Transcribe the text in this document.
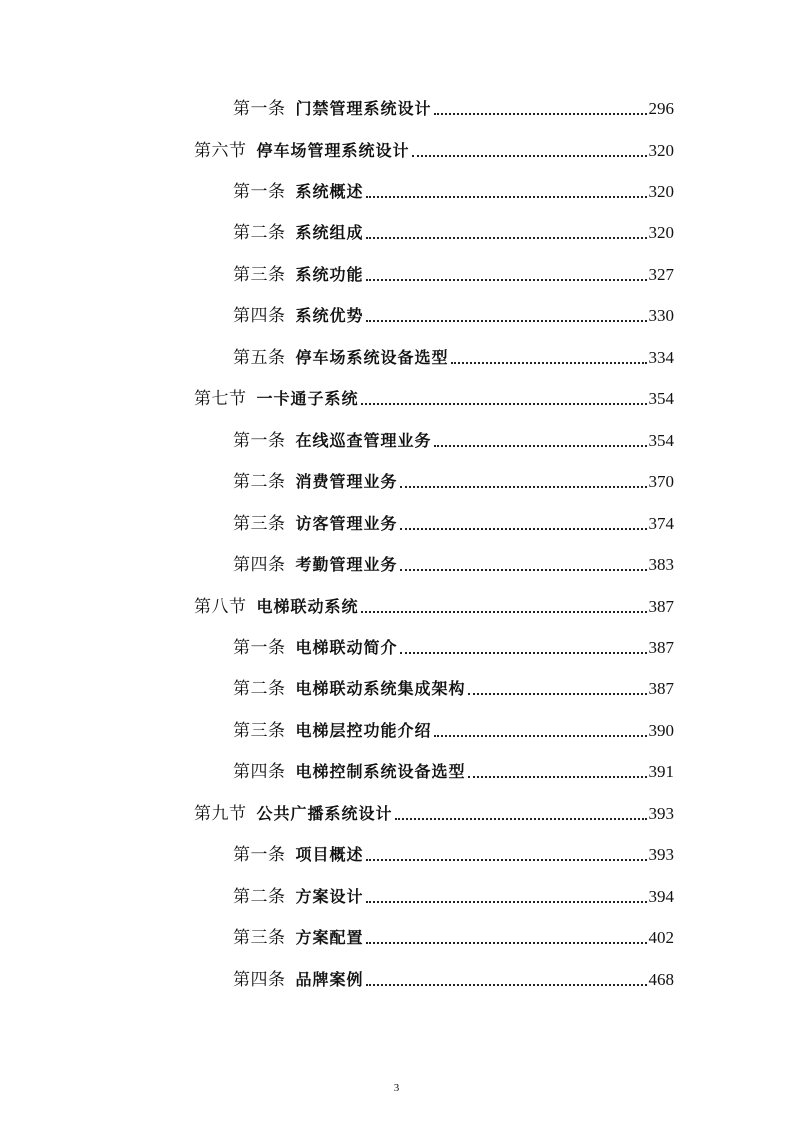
第一条 门禁管理系统设计	296
第六节 停车场管理系统设计	320
第一条 系统概述	320
第二条 系统组成	320
第三条 系统功能	327
第四条 系统优势	330
第五条 停车场系统设备选型	334
第七节 一卡通子系统	354
第一条 在线巡查管理业务	354
第二条 消费管理业务	370
第三条 访客管理业务	374
第四条 考勤管理业务	383
第八节 电梯联动系统	387
第一条 电梯联动简介	387
第二条 电梯联动系统集成架构	387
第三条 电梯层控功能介绍	390
第四条 电梯控制系统设备选型	391
第九节 公共广播系统设计	393
第一条 项目概述	393
第二条 方案设计	394
第三条 方案配置	402
第四条 品牌案例	468
3
